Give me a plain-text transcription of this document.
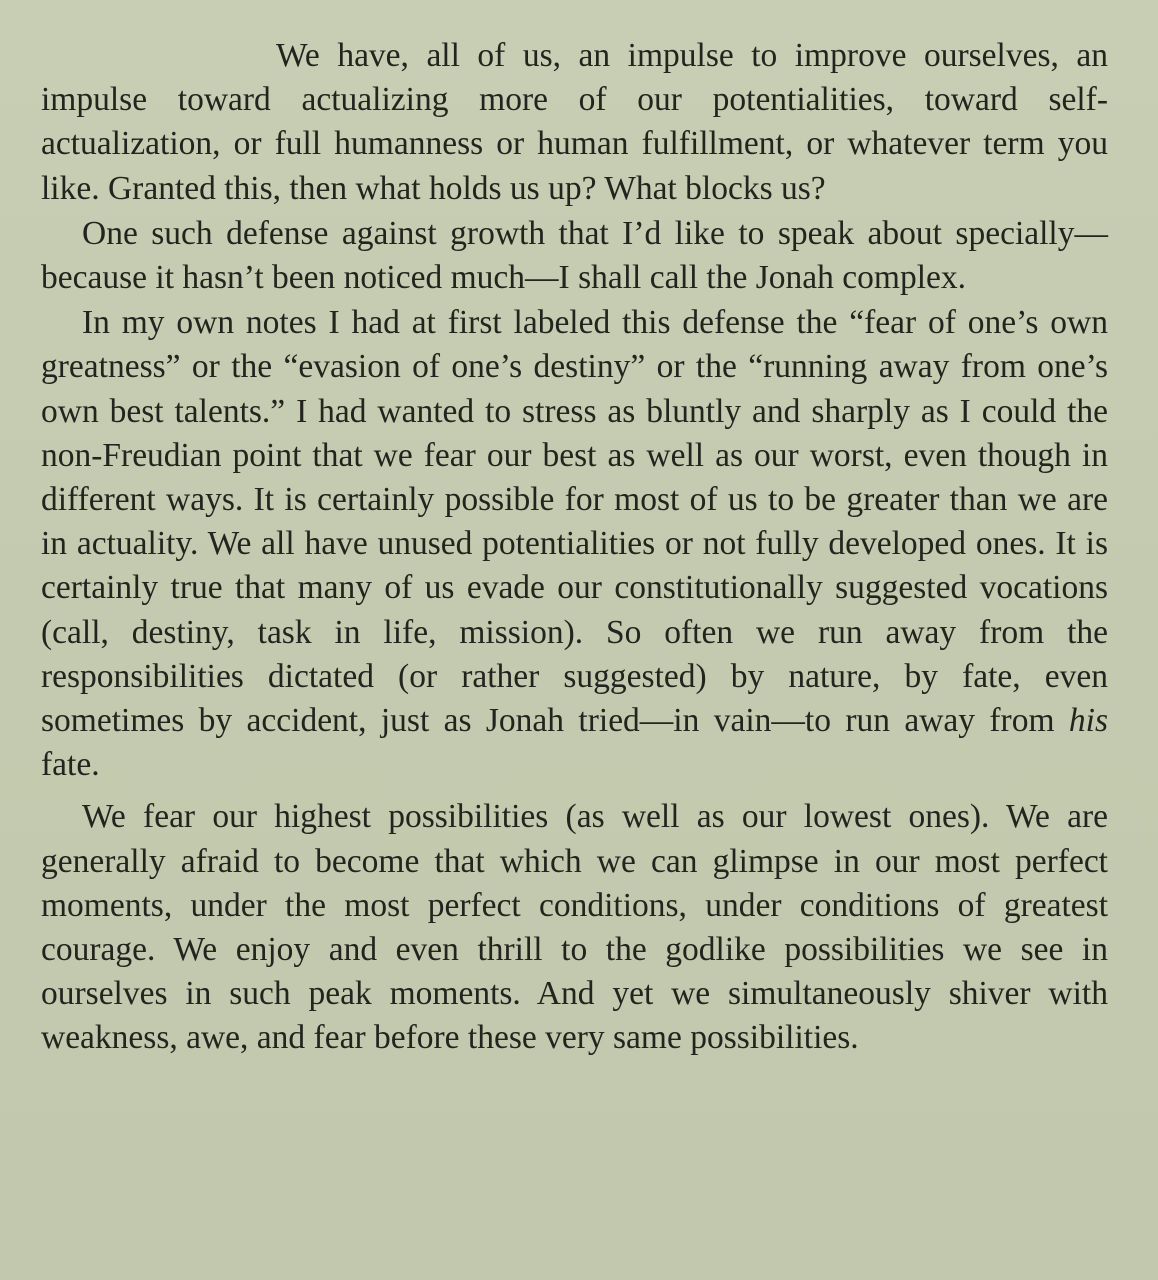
We have, all of us, an impulse to improve ourselves, an impulse toward actualizing more of our potentialities, toward self-actualization, or full humanness or human fulfillment, or whatever term you like. Granted this, then what holds us up? What blocks us?

One such defense against growth that I’d like to speak about specially—because it hasn’t been noticed much—I shall call the Jonah complex.

In my own notes I had at first labeled this defense the “fear of one’s own greatness” or the “evasion of one’s destiny” or the “running away from one’s own best talents.” I had wanted to stress as bluntly and sharply as I could the non-Freudian point that we fear our best as well as our worst, even though in different ways. It is certainly possible for most of us to be greater than we are in actuality. We all have unused potentialities or not fully developed ones. It is certainly true that many of us evade our constitutionally suggested vocations (call, destiny, task in life, mission). So often we run away from the responsibilities dictated (or rather suggested) by nature, by fate, even sometimes by accident, just as Jonah tried—in vain—to run away from his fate.

We fear our highest possibilities (as well as our lowest ones). We are generally afraid to become that which we can glimpse in our most perfect moments, under the most perfect conditions, under conditions of greatest courage. We enjoy and even thrill to the godlike possibilities we see in ourselves in such peak moments. And yet we simultaneously shiver with weakness, awe, and fear before these very same possibilities.
